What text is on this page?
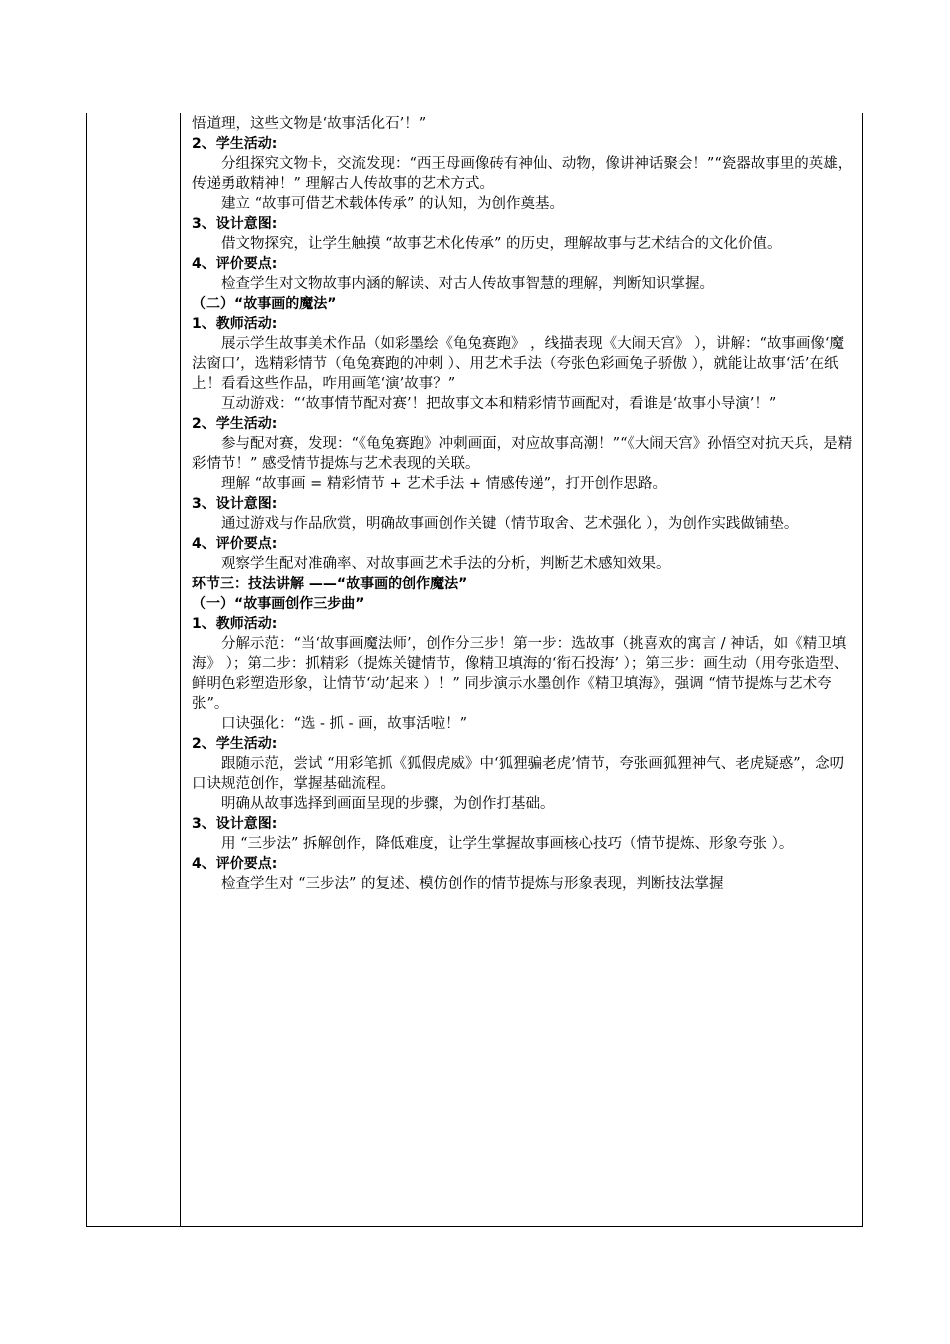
悟道理，这些文物是‘故事活化石’！”

2、学生活动:

分组探究文物卡，交流发现：“西王母画像砖有神仙、动物，像讲神话聚会！”“瓷器故事里的英雄，传递勇敢精神！” 理解古人传故事的艺术方式。

建立 “故事可借艺术载体传承” 的认知，为创作奠基。

3、设计意图:

借文物探究，让学生触摸 “故事艺术化传承” 的历史，理解故事与艺术结合的文化价值。

4、评价要点:

检查学生对文物故事内涵的解读、对古人传故事智慧的理解，判断知识掌握。

（二）“故事画的魔法”

1、教师活动:

展示学生故事美术作品（如彩墨绘《龟兔赛跑》 ，线描表现《大闹天宫》 ），讲解：“故事画像‘魔法窗口’，选精彩情节（龟兔赛跑的冲刺 ）、用艺术手法（夸张色彩画兔子骄傲 ），就能让故事‘活’在纸上！看看这些作品，咋用画笔‘演’故事？”

互动游戏：“‘故事情节配对赛’！把故事文本和精彩情节画配对，看谁是‘故事小导演’！”

2、学生活动:

参与配对赛，发现：“《龟兔赛跑》冲刺画面，对应故事高潮！”“《大闹天宫》孙悟空对抗天兵，是精彩情节！” 感受情节提炼与艺术表现的关联。

理解 “故事画 = 精彩情节 + 艺术手法 + 情感传递”，打开创作思路。

3、设计意图:

通过游戏与作品欣赏，明确故事画创作关键（情节取舍、艺术强化 ），为创作实践做铺垫。

4、评价要点:

观察学生配对准确率、对故事画艺术手法的分析，判断艺术感知效果。

环节三：技法讲解 ——“故事画的创作魔法”

（一）“故事画创作三步曲”

1、教师活动:

分解示范：“当‘故事画魔法师’，创作分三步！第一步：选故事（挑喜欢的寓言 / 神话，如《精卫填海》 ）；第二步：抓精彩（提炼关键情节，像精卫填海的‘衔石投海’ ）；第三步：画生动（用夸张造型、鲜明色彩塑造形象，让情节‘动’起来 ）！” 同步演示水墨创作《精卫填海》，强调 “情节提炼与艺术夸张”。

口诀强化：“选 - 抓 - 画，故事活啦！”

2、学生活动:

跟随示范，尝试 “用彩笔抓《狐假虎威》中‘狐狸骗老虎’情节，夸张画狐狸神气、老虎疑惑”，念叨口诀规范创作，掌握基础流程。

明确从故事选择到画面呈现的步骤，为创作打基础。

3、设计意图:

用 “三步法” 拆解创作，降低难度，让学生掌握故事画核心技巧（情节提炼、形象夸张 ）。

4、评价要点:

检查学生对 “三步法” 的复述、模仿创作的情节提炼与形象表现，判断技法掌握
